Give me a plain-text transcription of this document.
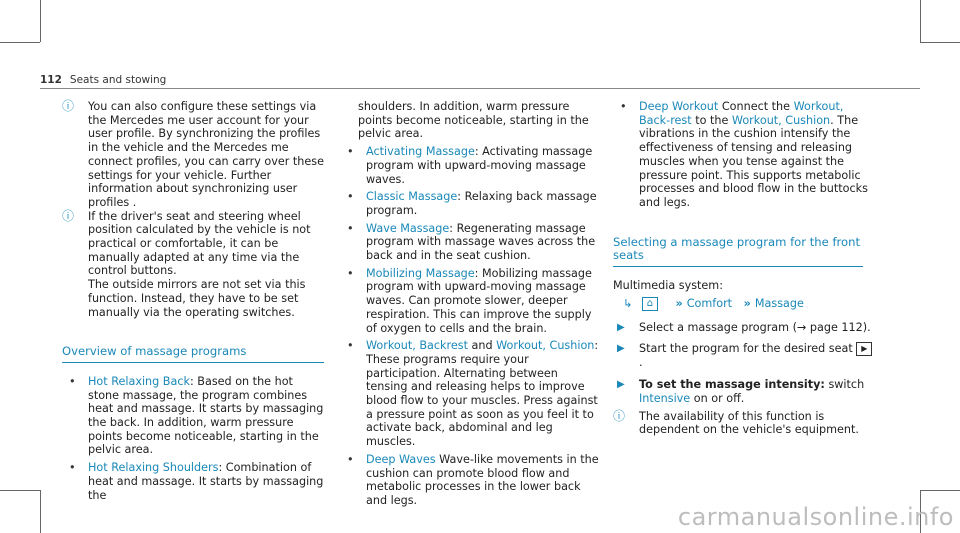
112 Seats and stowing
ⓘ You can also configure these settings via the Mercedes me user account for your user profile. By synchronizing the profiles in the vehicle and the Mercedes me connect profiles, you can carry over these settings for your vehicle. Further information about synchronizing user profiles .
ⓘ If the driver's seat and steering wheel position calculated by the vehicle is not practical or comfortable, it can be manually adapted at any time via the control buttons.
The outside mirrors are not set via this function. Instead, they have to be set manually via the operating switches.
Overview of massage programs
• Hot Relaxing Back: Based on the hot stone massage, the program combines heat and massage. It starts by massaging the back. In addition, warm pressure points become noticeable, starting in the pelvic area.
• Hot Relaxing Shoulders: Combination of heat and massage. It starts by massaging the
shoulders. In addition, warm pressure points become noticeable, starting in the pelvic area.
• Activating Massage: Activating massage program with upward-moving massage waves.
• Classic Massage: Relaxing back massage program.
• Wave Massage: Regenerating massage program with massage waves across the back and in the seat cushion.
• Mobilizing Massage: Mobilizing massage program with upward-moving massage waves. Can promote slower, deeper respiration. This can improve the supply of oxygen to cells and the brain.
• Workout, Backrest and Workout, Cushion: These programs require your participation. Alternating between tensing and releasing helps to improve blood flow to your muscles. Press against a pressure point as soon as you feel it to activate back, abdominal and leg muscles.
• Deep Waves Wave-like movements in the cushion can promote blood flow and metabolic processes in the lower back and legs.
• Deep Workout Connect the Workout, Back-rest to the Workout, Cushion. The vibrations in the cushion intensify the effectiveness of tensing and releasing muscles when you tense against the pressure point. This supports metabolic processes and blood flow in the buttocks and legs.
Selecting a massage program for the front seats
Multimedia system:
↳ ⌂ » Comfort » Massage
▶ Select a massage program (→ page 112).
▶ Start the program for the desired seat ▶.
▶ To set the massage intensity: switch Intensive on or off.
ⓘ The availability of this function is dependent on the vehicle's equipment.
carmanualsonline.info
